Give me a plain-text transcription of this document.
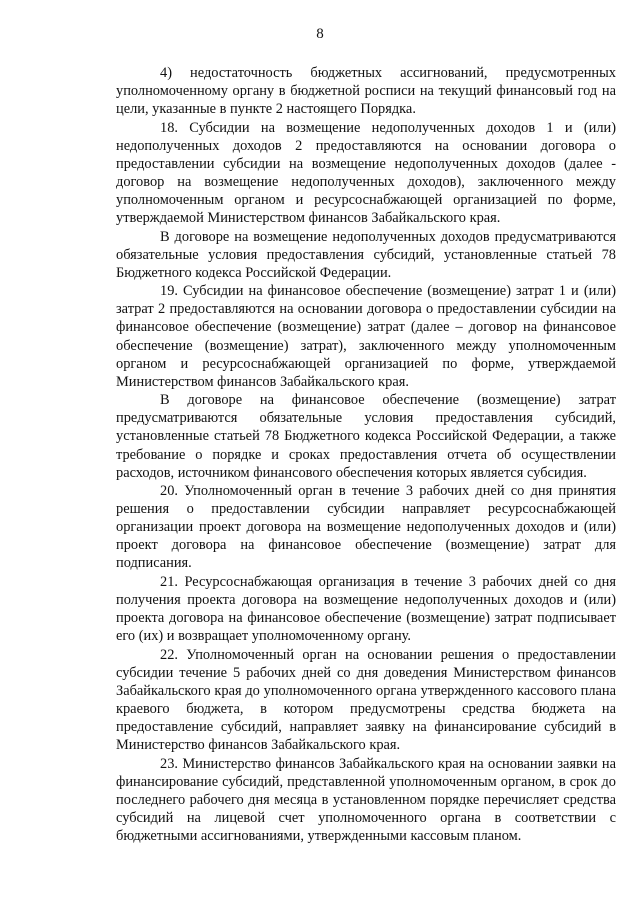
8

4) недостаточность бюджетных ассигнований, предусмотренных уполномоченному органу в бюджетной росписи на текущий финансовый год на цели, указанные в пункте 2 настоящего Порядка.

18. Субсидии на возмещение недополученных доходов 1 и (или) недополученных доходов 2 предоставляются на основании договора о предоставлении субсидии на возмещение недополученных доходов (далее - договор на возмещение недополученных доходов), заключенного между уполномоченным органом и ресурсоснабжающей организацией по форме, утверждаемой Министерством финансов Забайкальского края.

В договоре на возмещение недополученных доходов предусматриваются обязательные условия предоставления субсидий, установленные статьей 78 Бюджетного кодекса Российской Федерации.

19. Субсидии на финансовое обеспечение (возмещение) затрат 1 и (или) затрат 2 предоставляются на основании договора о предоставлении субсидии на финансовое обеспечение (возмещение) затрат (далее – договор на финансовое обеспечение (возмещение) затрат), заключенного между уполномоченным органом и ресурсоснабжающей организацией по форме, утверждаемой Министерством финансов Забайкальского края.

В договоре на финансовое обеспечение (возмещение) затрат предусматриваются обязательные условия предоставления субсидий, установленные статьей 78 Бюджетного кодекса Российской Федерации, а также требование о порядке и сроках предоставления отчета об осуществлении расходов, источником финансового обеспечения которых является субсидия.

20. Уполномоченный орган в течение 3 рабочих дней со дня принятия решения о предоставлении субсидии направляет ресурсоснабжающей организации проект договора на возмещение недополученных доходов и (или) проект договора на финансовое обеспечение (возмещение) затрат для подписания.

21. Ресурсоснабжающая организация в течение 3 рабочих дней со дня получения проекта договора на возмещение недополученных доходов и (или) проекта договора на финансовое обеспечение (возмещение) затрат подписывает его (их) и возвращает уполномоченному органу.

22. Уполномоченный орган на основании решения о предоставлении субсидии течение 5 рабочих дней со дня доведения Министерством финансов Забайкальского края до уполномоченного органа утвержденного кассового плана краевого бюджета, в котором предусмотрены средства бюджета на предоставление субсидий, направляет заявку на финансирование субсидий в Министерство финансов Забайкальского края.

23. Министерство финансов Забайкальского края на основании заявки на финансирование субсидий, представленной уполномоченным органом, в срок до последнего рабочего дня месяца в установленном порядке перечисляет средства субсидий на лицевой счет уполномоченного органа в соответствии с бюджетными ассигнованиями, утвержденными кассовым планом.
